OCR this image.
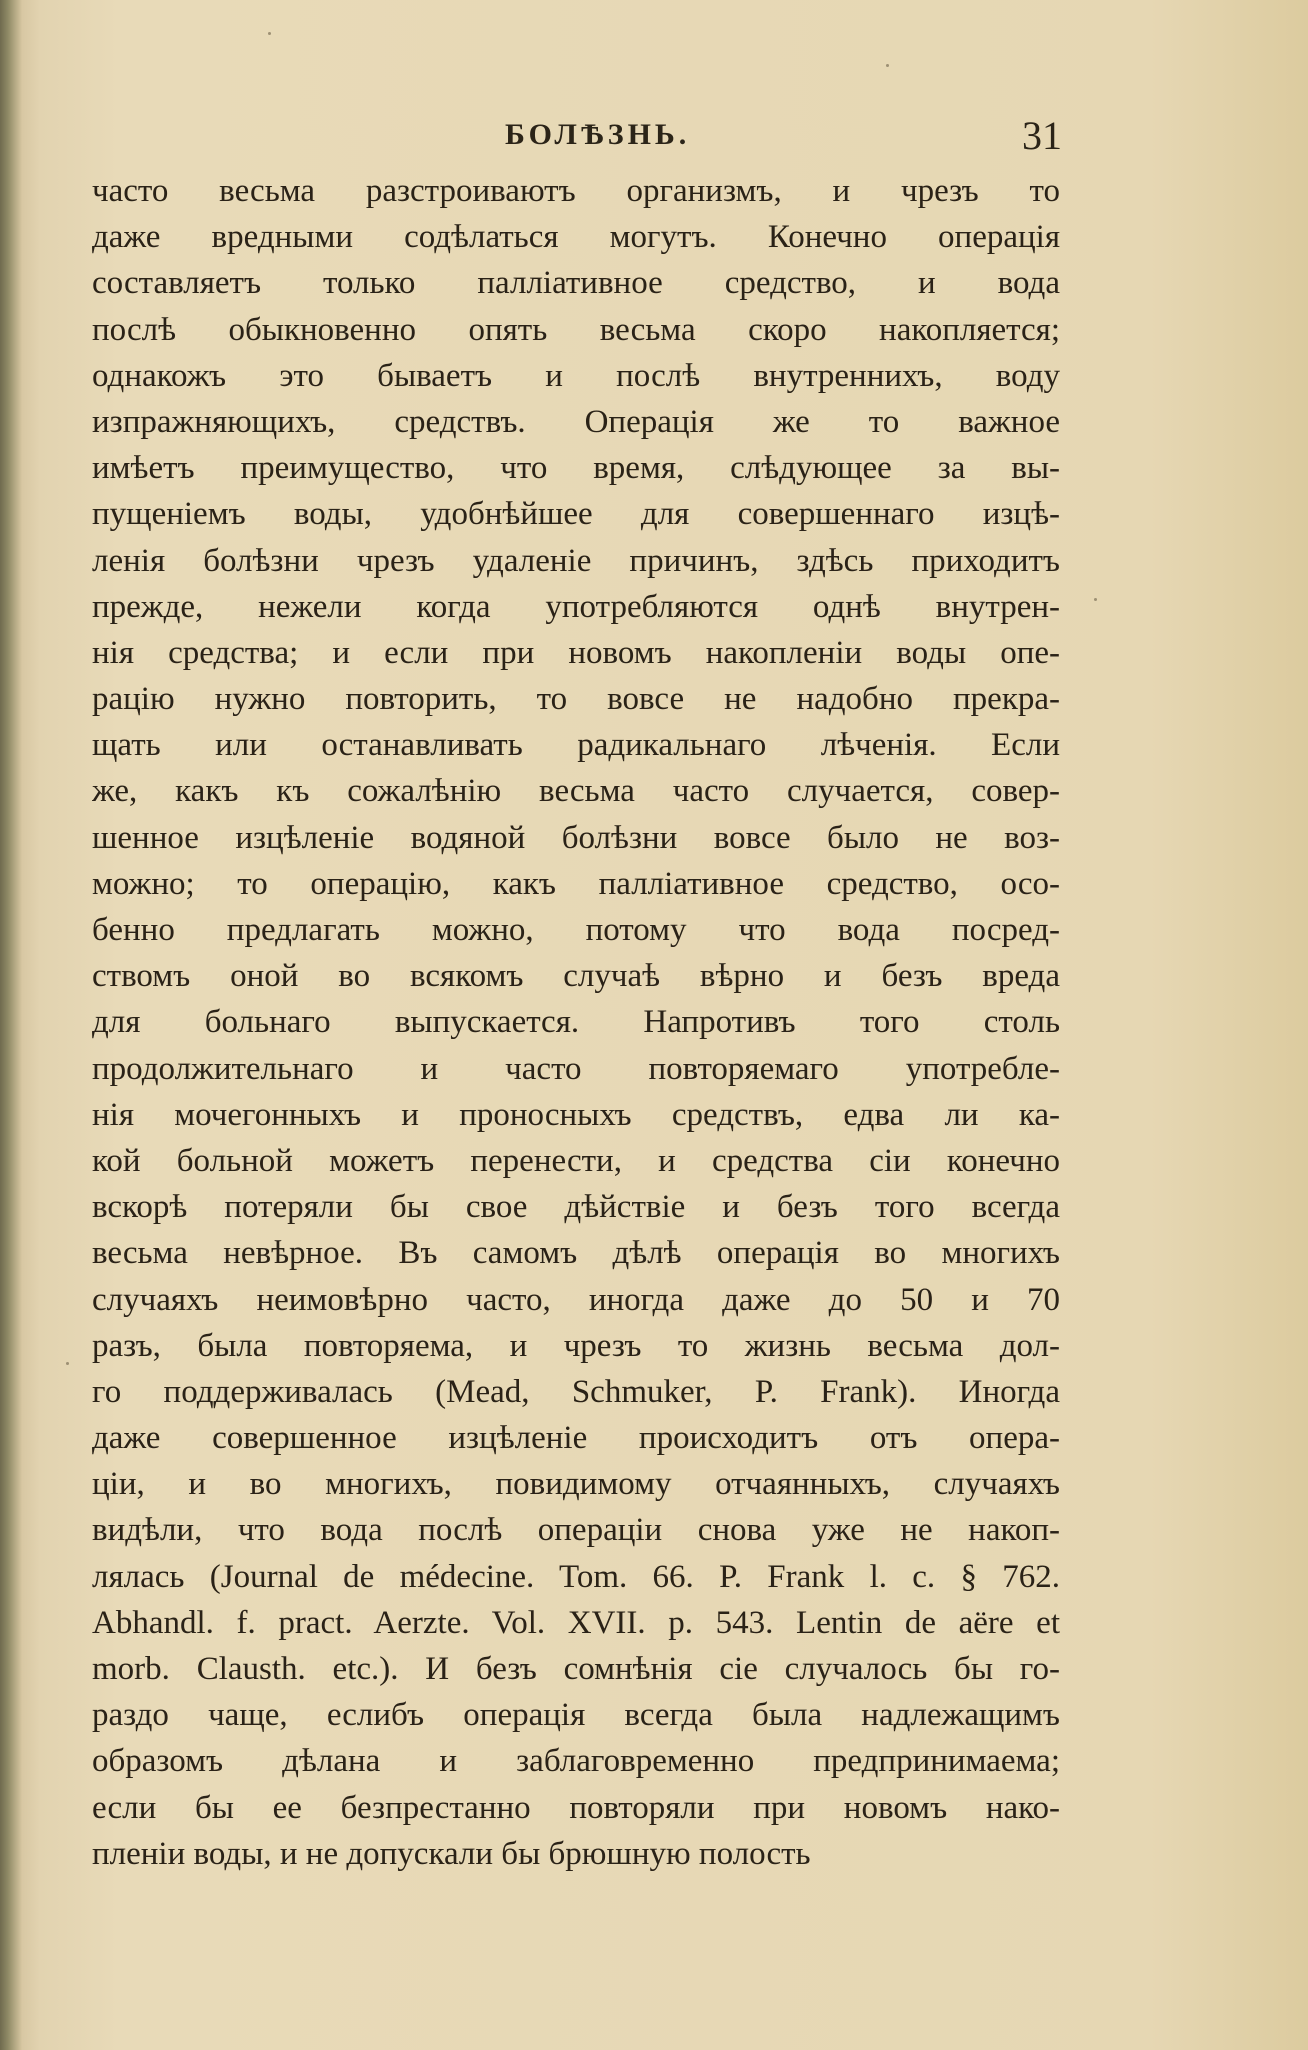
БОЛѢЗНЬ.	31
часто весьма разстроиваютъ организмъ, и чрезъ то
даже вредными содѣлаться могутъ. Конечно операція
составляетъ только паллiативное средство, и вода
послѣ обыкновенно опять весьма скоро накопляется;
однакожъ это бываетъ и послѣ внутреннихъ, воду
изпражняющихъ, средствъ. Операція же то важное
имѣетъ преимущество, что время, слѣдующее за вы-
пущеніемъ воды, удобнѣйшее для совершеннаго изцѣ-
ленія болѣзни чрезъ удаленіе причинъ, здѣсь приходитъ
прежде, нежели когда употребляются однѣ внутрен-
нія средства; и если при новомъ накопленіи воды опе-
рацію нужно повторить, то вовсе не надобно прекра-
щать или останавливать радикальнаго лѣченія. Если
же, какъ къ сожалѣнію весьма часто случается, совер-
шенное изцѣленіе водяной болѣзни вовсе было не воз-
можно; то операцію, какъ паллiативное средство, осо-
бенно предлагать можно, потому что вода посред-
ствомъ оной во всякомъ случаѣ вѣрно и безъ вреда
для больнаго выпускается. Напротивъ того столь
продолжительнаго и часто повторяемаго употребле-
нія мочегонныхъ и проносныхъ средствъ, едва ли ка-
кой больной можетъ перенести, и средства сіи конечно
вскорѣ потеряли бы свое дѣйствіе и безъ того всегда
весьма невѣрное. Въ самомъ дѣлѣ операція во многихъ
случаяхъ неимовѣрно часто, иногда даже до 50 и 70
разъ, была повторяема, и чрезъ то жизнь весьма дол-
го поддерживалась (Mead, Schmuker, P. Frank). Иногда
даже совершенное изцѣленіе происходитъ отъ опера-
ціи, и во многихъ, повидимому отчаянныхъ, случаяхъ
видѣли, что вода послѣ операціи снова уже не накоп-
лялась (Journal de médecine. Tom. 66. P. Frank l. c. § 762.
Abhandl. f. pract. Aerzte. Vol. XVII. p. 543. Lentin de aëre et
morb. Clausth. etc.). И безъ сомнѣнія сіе случалось бы го-
раздо чаще, еслибъ операція всегда была надлежащимъ
образомъ дѣлана и заблаговременно предпринимаема;
если бы ее безпрестанно повторяли при новомъ нако-
пленіи воды, и не допускали бы брюшную полость
